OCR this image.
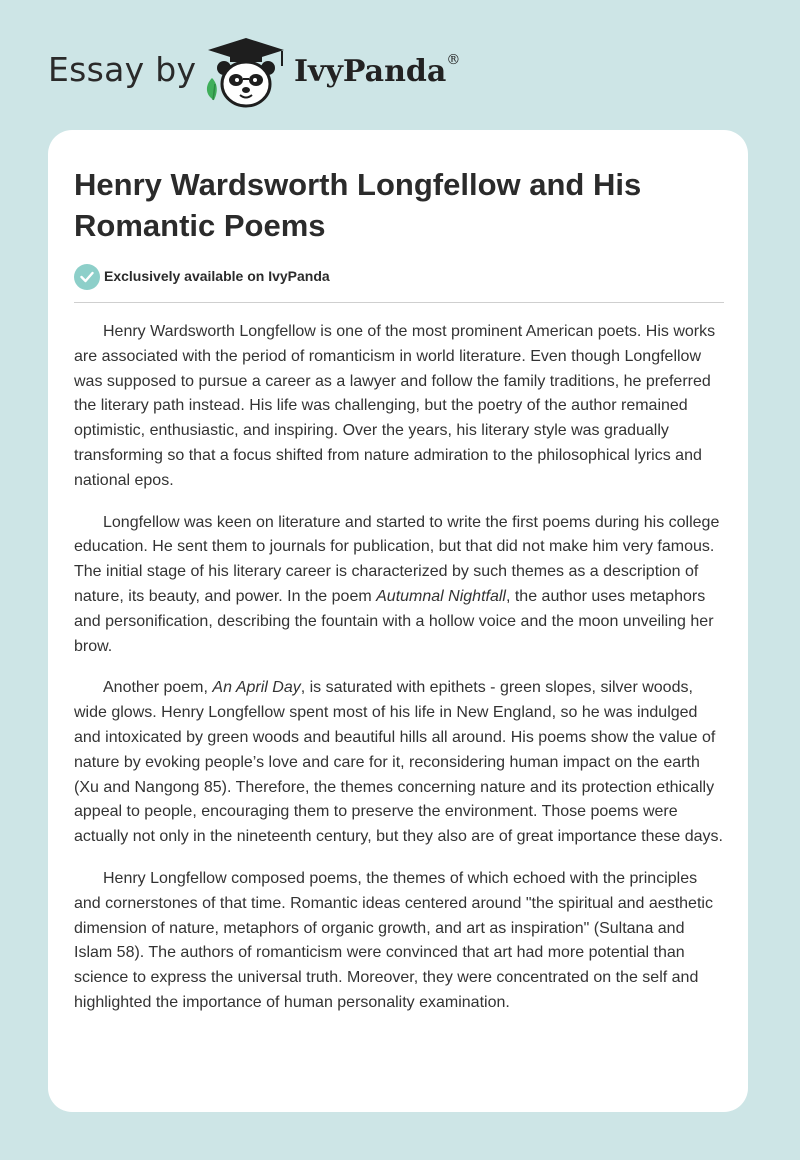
Essay by	IvyPanda®
Henry Wardsworth Longfellow and His Romantic Poems
Exclusively available on IvyPanda

Henry Wardsworth Longfellow is one of the most prominent American poets. His works are associated with the period of romanticism in world literature. Even though Longfellow was supposed to pursue a career as a lawyer and follow the family traditions, he preferred the literary path instead. His life was challenging, but the poetry of the author remained optimistic, enthusiastic, and inspiring. Over the years, his literary style was gradually transforming so that a focus shifted from nature admiration to the philosophical lyrics and national epos.

Longfellow was keen on literature and started to write the first poems during his college education. He sent them to journals for publication, but that did not make him very famous. The initial stage of his literary career is characterized by such themes as a description of nature, its beauty, and power. In the poem Autumnal Nightfall, the author uses metaphors and personification, describing the fountain with a hollow voice and the moon unveiling her brow.

Another poem, An April Day, is saturated with epithets - green slopes, silver woods, wide glows. Henry Longfellow spent most of his life in New England, so he was indulged and intoxicated by green woods and beautiful hills all around. His poems show the value of nature by evoking people’s love and care for it, reconsidering human impact on the earth (Xu and Nangong 85). Therefore, the themes concerning nature and its protection ethically appeal to people, encouraging them to preserve the environment. Those poems were actually not only in the nineteenth century, but they also are of great importance these days.

Henry Longfellow composed poems, the themes of which echoed with the principles and cornerstones of that time. Romantic ideas centered around "the spiritual and aesthetic dimension of nature, metaphors of organic growth, and art as inspiration" (Sultana and Islam 58). The authors of romanticism were convinced that art had more potential than science to express the universal truth. Moreover, they were concentrated on the self and highlighted the importance of human personality examination.
